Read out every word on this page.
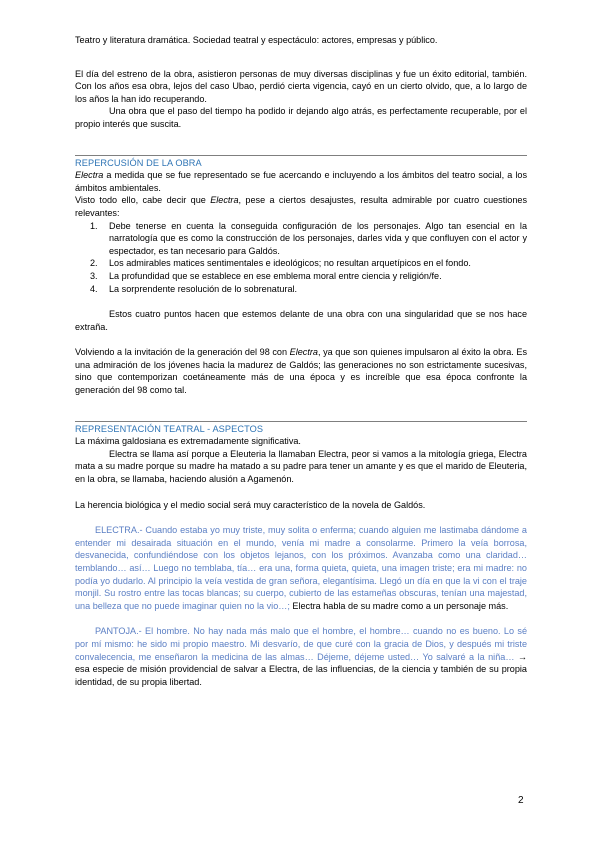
Teatro y literatura dramática. Sociedad teatral y espectáculo: actores, empresas y público.

El día del estreno de la obra, asistieron personas de muy diversas disciplinas y fue un éxito editorial, también. Con los años esa obra, lejos del caso Ubao, perdió cierta vigencia, cayó en un cierto olvido, que, a lo largo de los años la han ido recuperando.

Una obra que el paso del tiempo ha podido ir dejando algo atrás, es perfectamente recuperable, por el propio interés que suscita.

REPERCUSIÓN DE LA OBRA

Electra a medida que se fue representado se fue acercando e incluyendo a los ámbitos del teatro social, a los ámbitos ambientales.

Visto todo ello, cabe decir que Electra, pese a ciertos desajustes, resulta admirable por cuatro cuestiones relevantes:

1. Debe tenerse en cuenta la conseguida configuración de los personajes. Algo tan esencial en la narratología que es como la construcción de los personajes, darles vida y que confluyen con el actor y espectador, es tan necesario para Galdós.
2. Los admirables matices sentimentales e ideológicos; no resultan arquetípicos en el fondo.
3. La profundidad que se establece en ese emblema moral entre ciencia y religión/fe.
4. La sorprendente resolución de lo sobrenatural.

Estos cuatro puntos hacen que estemos delante de una obra con una singularidad que se nos hace extraña.

Volviendo a la invitación de la generación del 98 con Electra, ya que son quienes impulsaron al éxito la obra. Es una admiración de los jóvenes hacia la madurez de Galdós; las generaciones no son estrictamente sucesivas, sino que contemporizan coetáneamente más de una época y es increíble que esa época confronte la generación del 98 como tal.

REPRESENTACIÓN TEATRAL - ASPECTOS

La máxima galdosiana es extremadamente significativa.

Electra se llama así porque a Eleuteria la llamaban Electra, peor si vamos a la mitología griega, Electra mata a su madre porque su madre ha matado a su padre para tener un amante y es que el marido de Eleuteria, en la obra, se llamaba, haciendo alusión a Agamenón.

La herencia biológica y el medio social será muy característico de la novela de Galdós.

ELECTRA.- Cuando estaba yo muy triste, muy solita o enferma; cuando alguien me lastimaba dándome a entender mi desairada situación en el mundo, venía mi madre a consolarme. Primero la veía borrosa, desvanecida, confundiéndose con los objetos lejanos, con los próximos. Avanzaba como una claridad… temblando… así… Luego no temblaba, tía… era una, forma quieta, quieta, una imagen triste; era mi madre: no podía yo dudarlo. Al principio la veía vestida de gran señora, elegantísima. Llegó un día en que la vi con el traje monjil. Su rostro entre las tocas blancas; su cuerpo, cubierto de las estameñas obscuras, tenían una majestad, una belleza que no puede imaginar quien no la vio…; Electra habla de su madre como a un personaje más.

PANTOJA.- El hombre. No hay nada más malo que el hombre, el hombre… cuando no es bueno. Lo sé por mí mismo: he sido mi propio maestro. Mi desvarío, de que curé con la gracia de Dios, y después mi triste convalecencia, me enseñaron la medicina de las almas… Déjeme, déjeme usted… Yo salvaré a la niña… → esa especie de misión providencial de salvar a Electra, de las influencias, de la ciencia y también de su propia identidad, de su propia libertad.

2
